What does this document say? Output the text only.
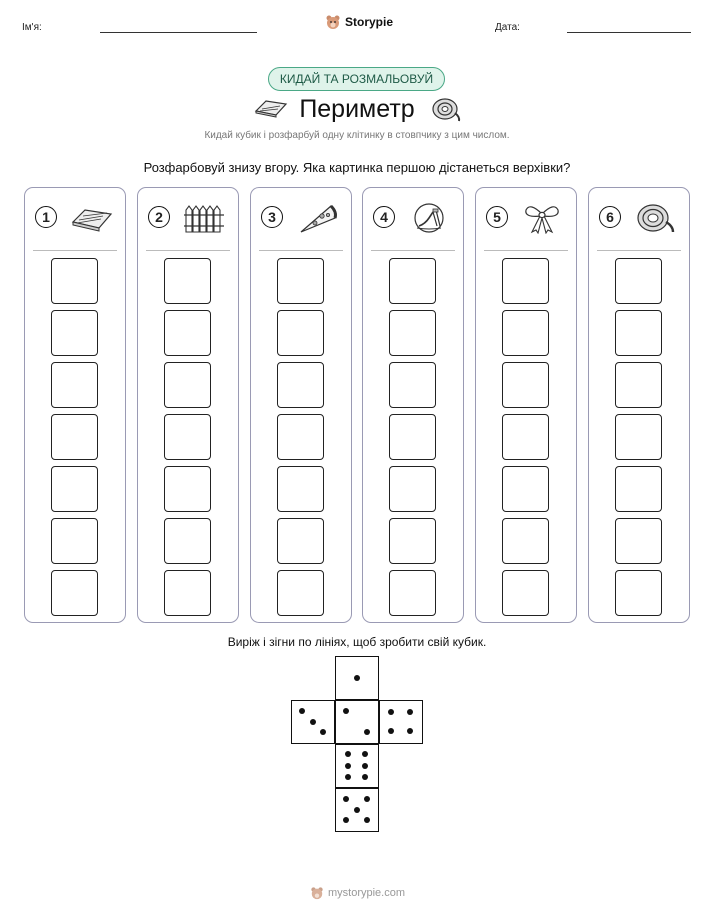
Ім'я:	Storypie	Дата:
КИДАЙ ТА РОЗМАЛЬОВУЙ
Периметр
Кидай кубик і розфарбуй одну клітинку в стовпчику з цим числом.
Розфарбовуй знизу вгору. Яка картинка першою дістанеться верхівки?
1	2	3	4	5	6
Виріж і зігни по лініях, щоб зробити свій кубик.
mystorypie.com
